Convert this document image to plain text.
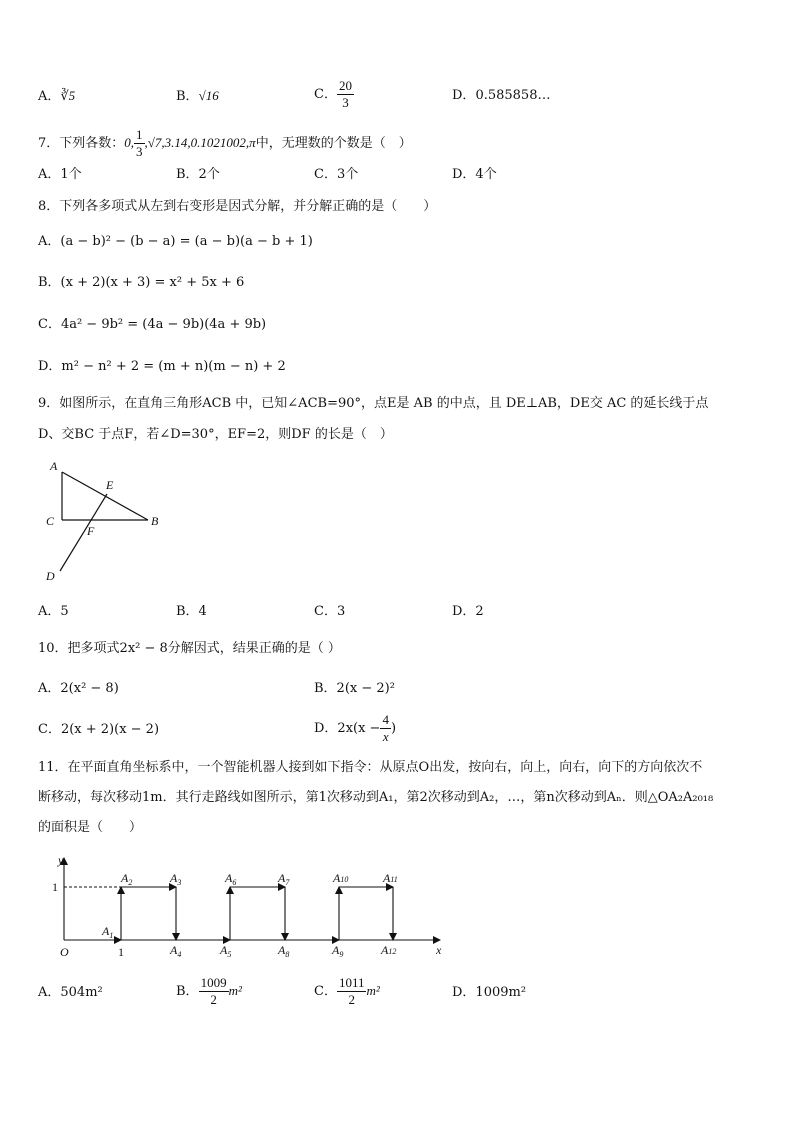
A．∛5	B．√16	C． $\frac{20}{3}$	D．0.585858…
7．下列各数：0, $\frac{1}{3} ,√7,3.14,0.1021002,\pi$中，无理数的个数是（　）
A．1个	B．2个	C．3个	D．4个
8．下列各多项式从左到右变形是因式分解，并分解正确的是（　　）
A．(a − b)² − (b − a) = (a − b)(a − b + 1)
B．(x + 2)(x + 3) = x² + 5x + 6
C．4a² − 9b² = (4a − 9b)(4a + 9b)
D．m² − n² + 2 = (m + n)(m − n) + 2
9．如图所示，在直角三角形ACB 中，已知∠ACB=90°，点E是 AB 的中点，且 DE⊥AB，DE交 AC 的延长线于点
D、交BC 于点F，若∠D=30°，EF=2，则DF 的长是（　）
A
E
C	B
F
D
A．5	B．4	C．3	D．2
10．把多项式2x² − 8分解因式，结果正确的是（ ）
A．2(x² − 8)	B．2(x − 2)²
C．2(x + 2)(x − 2)	D．$2x(x - \frac{4}{x}$ )
11．在平面直角坐标系中，一个智能机器人接到如下指令：从原点O出发，按向右，向上，向右，向下的方向依次不
断移动，每次移动1m．其行走路线如图所示，第1次移动到A₁，第2次移动到A₂，…，第n次移动到Aₙ．则△OA₂A₂₀₁₈
的面积是（　　）
y
1
O	1	x
$A_1$
$A_2$	$A_3$
$A_4$	$A_5$
$A_6$	$A_7$
$A_8$	$A_9$
A10	A11
A12
A．504m²	B． $\frac{1009}{2} m^2$	C． $\frac{1011}{2} m^2$	D．1009m²
